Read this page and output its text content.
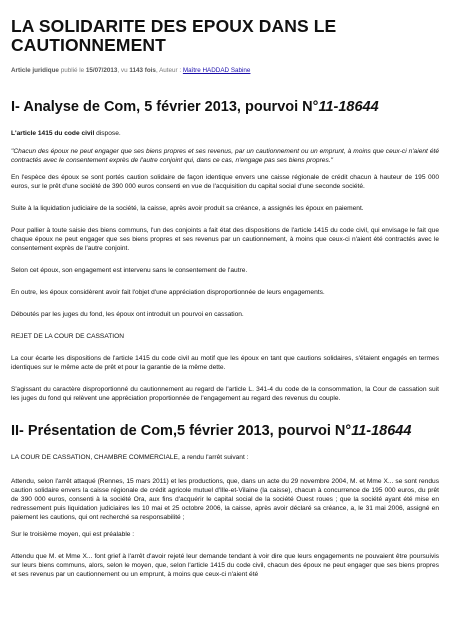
LA SOLIDARITE DES EPOUX DANS LE CAUTIONNEMENT
Article juridique publié le 15/07/2013, vu 1143 fois, Auteur : Maître HADDAD Sabine
I- Analyse de Com, 5 février 2013, pourvoi N°11-18644

L'article 1415 du code civil dispose.

"Chacun des époux ne peut engager que ses biens propres et ses revenus, par un cautionnement ou un emprunt, à moins que ceux-ci n'aient été contractés avec le consentement exprès de l'autre conjoint qui, dans ce cas, n'engage pas ses biens propres."

En l'espèce des époux se sont portés caution solidaire de façon identique envers une caisse régionale de crédit chacun à hauteur de 195 000 euros, sur le prêt d'une société de 390 000 euros consenti en vue de l'acquisition du capital social d'une seconde société.

Suite à la liquidation judiciaire de la société, la caisse, après avoir produit sa créance, a assignés les époux en paiement.

Pour pallier à toute saisie des biens communs, l'un des conjoints a fait état des dispositions de l'article 1415 du code civil, qui envisage le fait que chaque époux ne peut engager que ses biens propres et ses revenus par un cautionnement, à moins que ceux-ci n'aient été contractés avec le consentement exprès de l'autre conjoint.

Selon cet époux, son engagement est intervenu sans le consentement de l'autre.

En outre, les époux considèrent avoir fait l'objet d'une appréciation disproportionnée de leurs engagements.

Déboutés par les juges du fond, les époux ont introduit un pourvoi en cassation.

REJET DE LA COUR DE CASSATION

La cour écarte les dispositions de l'article 1415 du code civil au motif que les époux en tant que cautions solidaires, s'étaient engagés en termes identiques sur le même acte de prêt et pour la garantie de la même dette.

S'agissant du caractère disproportionné du cautionnement au regard de l'article L. 341-4 du code de la consommation, la Cour de cassation suit les juges du fond qui relèvent une appréciation proportionnée de l'engagement au regard des revenus du couple.

II- Présentation de Com,5 février 2013, pourvoi N°11-18644

LA COUR DE CASSATION, CHAMBRE COMMERCIALE, a rendu l'arrêt suivant :

Attendu, selon l'arrêt attaqué (Rennes, 15 mars 2011) et les productions, que, dans un acte du 29 novembre 2004, M. et Mme X... se sont rendus caution solidaire envers la caisse régionale de crédit agricole mutuel d'Ille-et-Vilaine (la caisse), chacun à concurrence de 195 000 euros, du prêt de 390 000 euros, consenti à la société Ora, aux fins d'acquérir le capital social de la société Ouest roues ; que la société ayant été mise en redressement puis liquidation judiciaires les 10 mai et 25 octobre 2006, la caisse, après avoir déclaré sa créance, a, le 31 mai 2006, assigné en paiement les cautions, qui ont recherché sa responsabilité ;

Sur le troisième moyen, qui est préalable :

Attendu que M. et Mme X... font grief à l'arrêt d'avoir rejeté leur demande tendant à voir dire que leurs engagements ne pouvaient être poursuivis sur leurs biens communs, alors, selon le moyen, que, selon l'article 1415 du code civil, chacun des époux ne peut engager que ses biens propres et ses revenus par un cautionnement ou un emprunt, à moins que ceux-ci n'aient été
